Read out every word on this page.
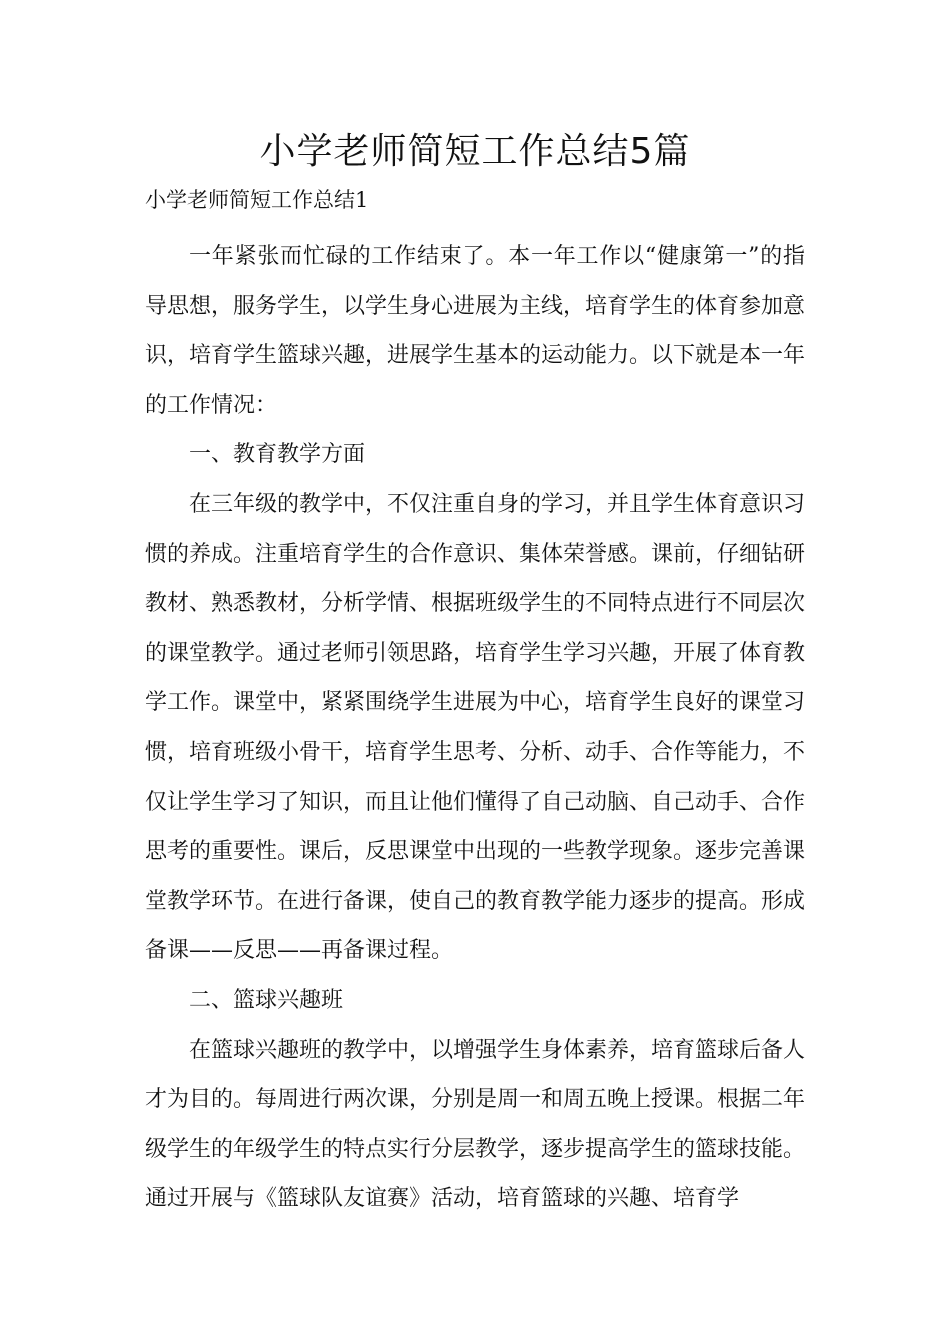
小学老师简短工作总结5篇

小学老师简短工作总结1

一年紧张而忙碌的工作结束了。本一年工作以“健康第一”的指导思想，服务学生，以学生身心进展为主线，培育学生的体育参加意识，培育学生篮球兴趣，进展学生基本的运动能力。以下就是本一年的工作情况：

一、教育教学方面

在三年级的教学中，不仅注重自身的学习，并且学生体育意识习惯的养成。注重培育学生的合作意识、集体荣誉感。课前，仔细钻研教材、熟悉教材，分析学情、根据班级学生的不同特点进行不同层次的课堂教学。通过老师引领思路，培育学生学习兴趣，开展了体育教学工作。课堂中，紧紧围绕学生进展为中心，培育学生良好的课堂习惯，培育班级小骨干，培育学生思考、分析、动手、合作等能力，不仅让学生学习了知识，而且让他们懂得了自己动脑、自己动手、合作思考的重要性。课后，反思课堂中出现的一些教学现象。逐步完善课堂教学环节。在进行备课，使自己的教育教学能力逐步的提高。形成备课——反思——再备课过程。

二、篮球兴趣班

在篮球兴趣班的教学中，以增强学生身体素养，培育篮球后备人才为目的。每周进行两次课，分别是周一和周五晚上授课。根据二年级学生的年级学生的特点实行分层教学，逐步提高学生的篮球技能。通过开展与《篮球队友谊赛》活动，培育篮球的兴趣、培育学
